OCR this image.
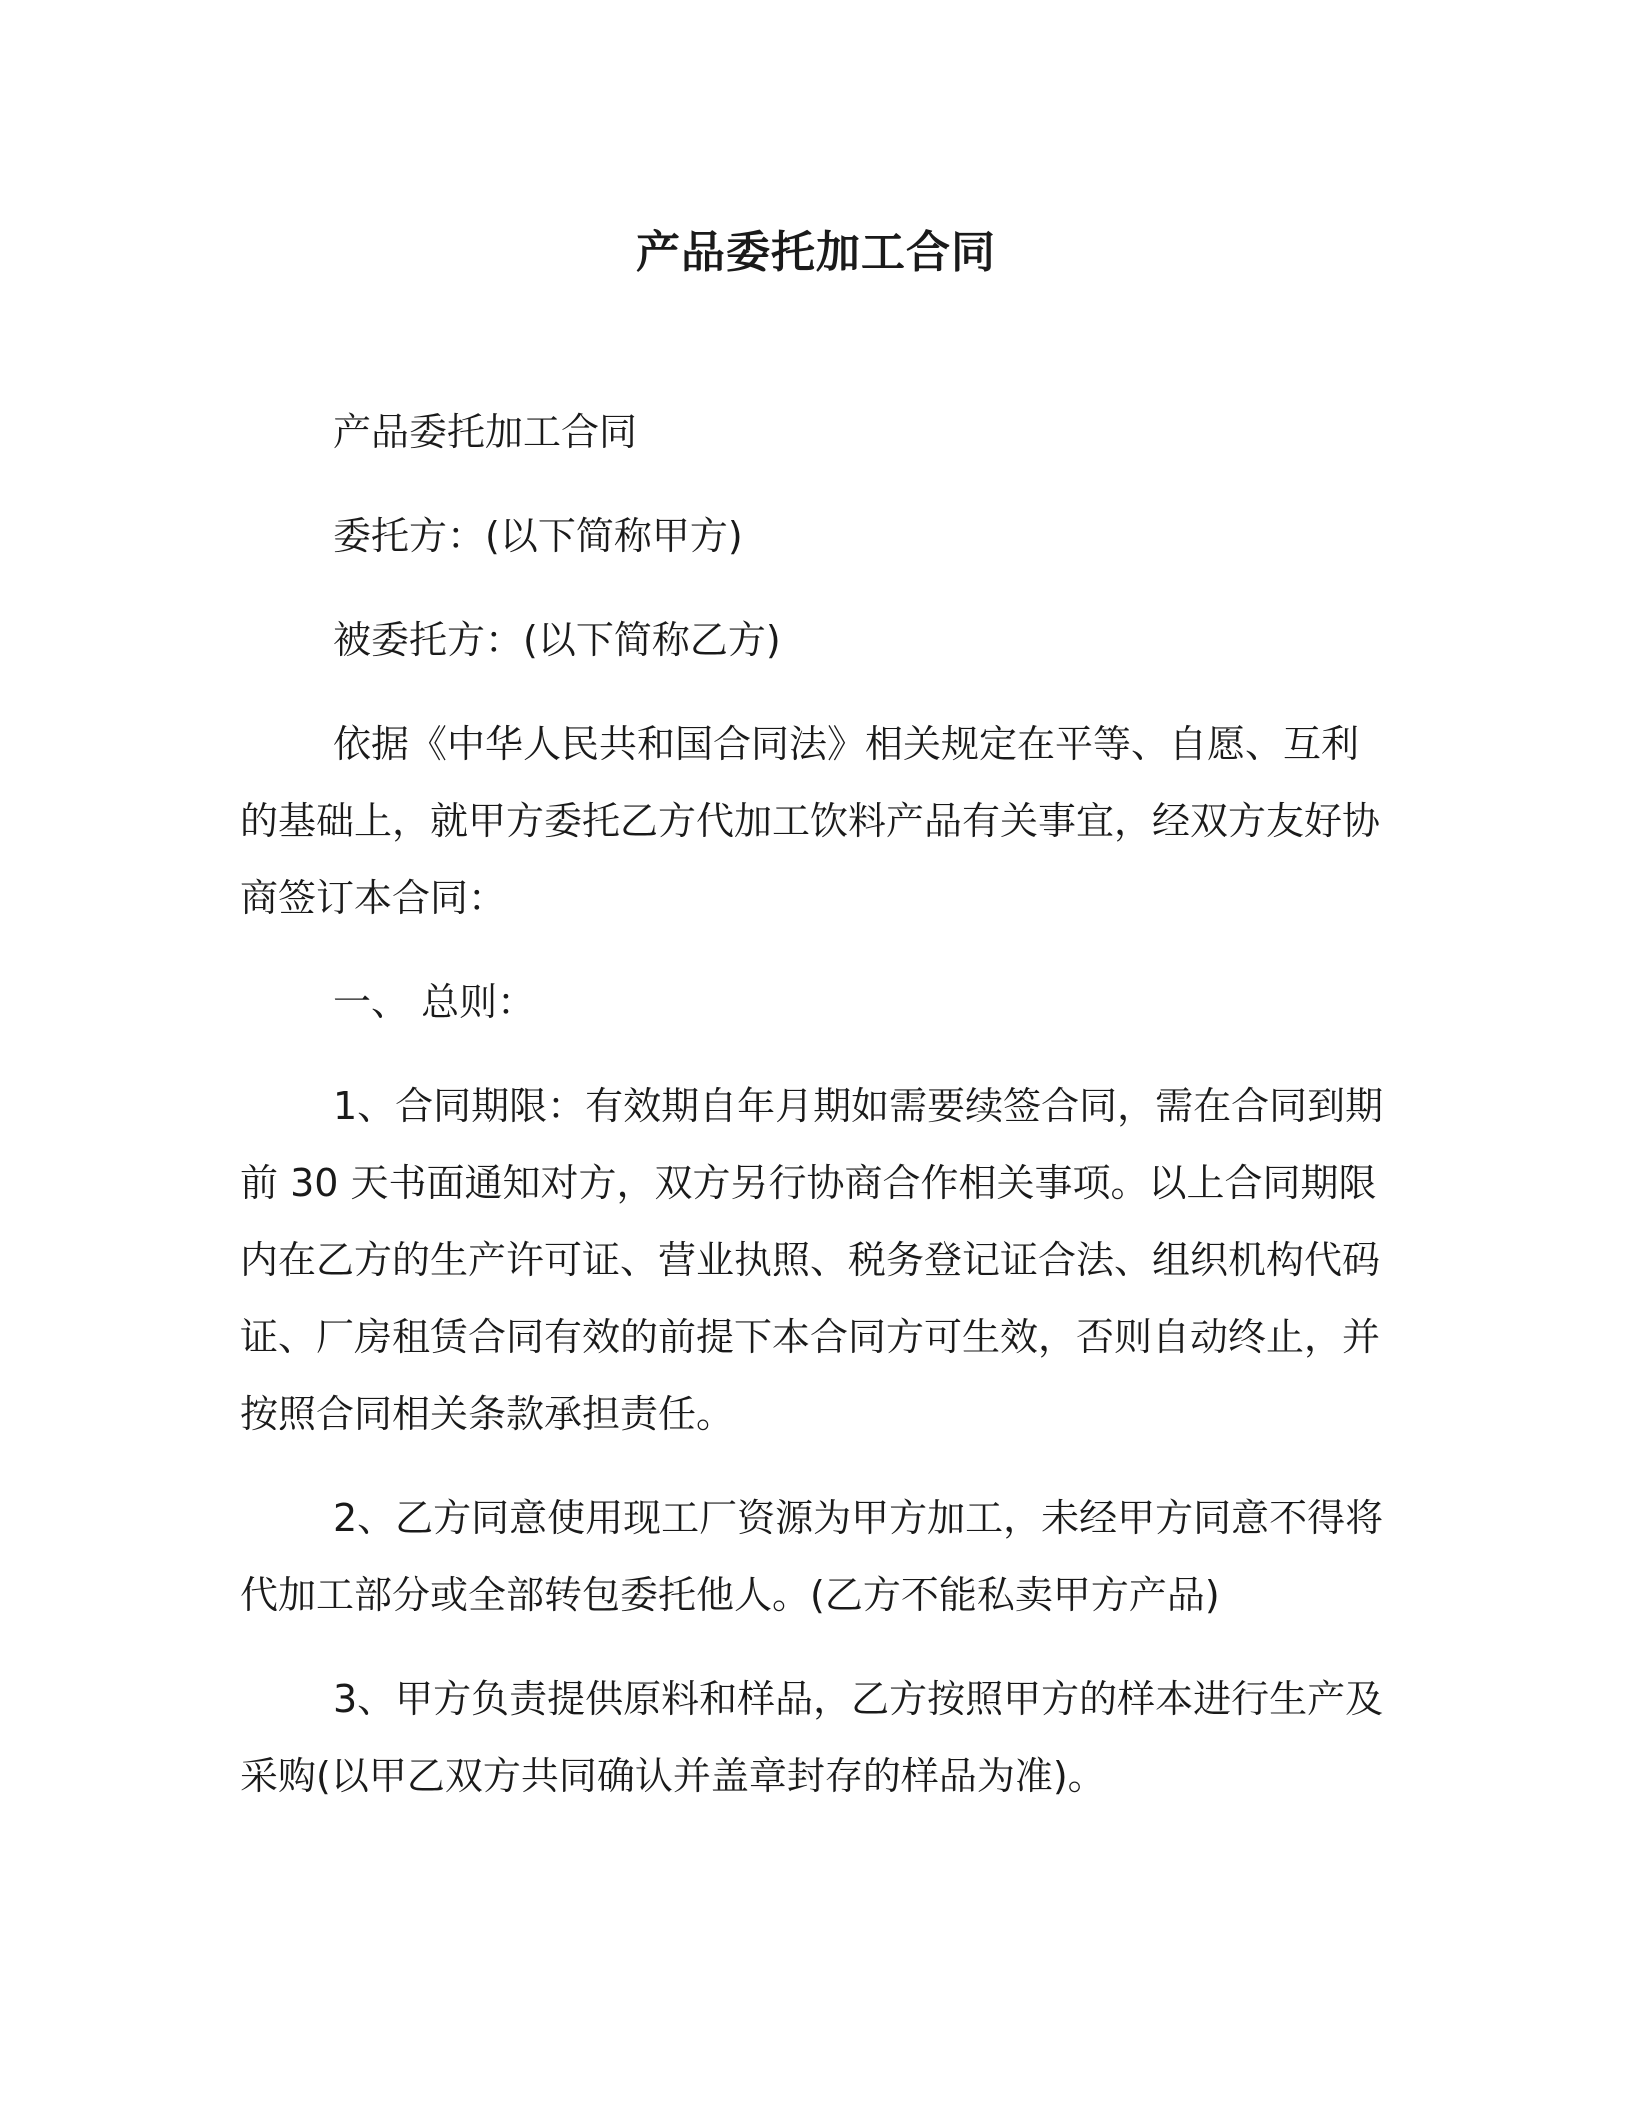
产品委托加工合同

产品委托加工合同

委托方：(以下简称甲方)

被委托方：(以下简称乙方)

依据《中华人民共和国合同法》相关规定在平等、自愿、互利的基础上，就甲方委托乙方代加工饮料产品有关事宜，经双方友好协商签订本合同：

一、 总则：

1、合同期限：有效期自年月期如需要续签合同，需在合同到期前 30 天书面通知对方，双方另行协商合作相关事项。以上合同期限内在乙方的生产许可证、营业执照、税务登记证合法、组织机构代码证、厂房租赁合同有效的前提下本合同方可生效，否则自动终止，并按照合同相关条款承担责任。

2、乙方同意使用现工厂资源为甲方加工，未经甲方同意不得将代加工部分或全部转包委托他人。(乙方不能私卖甲方产品)

3、甲方负责提供原料和样品，乙方按照甲方的样本进行生产及采购(以甲乙双方共同确认并盖章封存的样品为准)。
